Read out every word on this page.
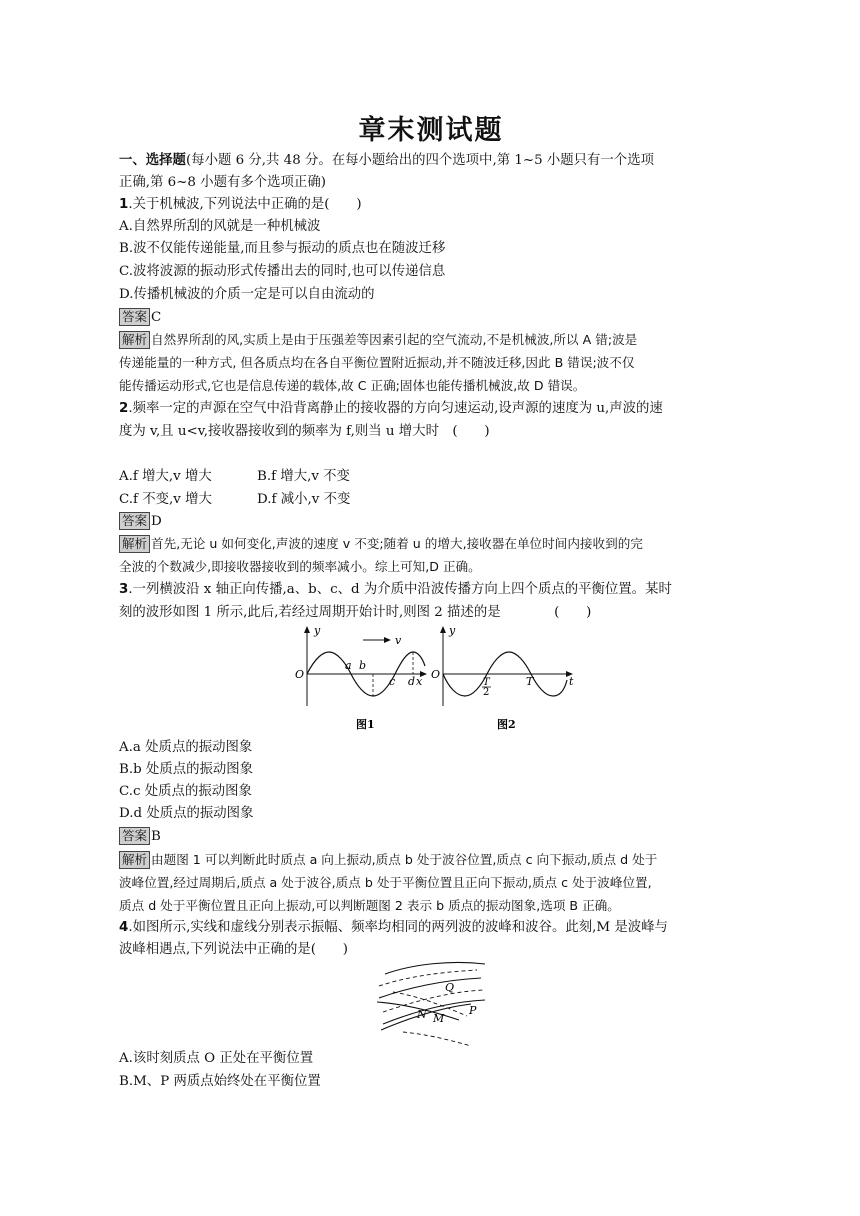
章末测试题
一、选择题(每小题 6 分,共 48 分。在每小题给出的四个选项中,第 1~5 小题只有一个选项
正确,第 6~8 小题有多个选项正确)
1.关于机械波,下列说法中正确的是(　　)
A.自然界所刮的风就是一种机械波
B.波不仅能传递能量,而且参与振动的质点也在随波迁移
C.波将波源的振动形式传播出去的同时,也可以传递信息
D.传播机械波的介质一定是可以自由流动的
答案 C
解析 自然界所刮的风,实质上是由于压强差等因素引起的空气流动,不是机械波,所以 A 错;波是
传递能量的一种方式, 但各质点均在各自平衡位置附近振动,并不随波迁移,因此 B 错误;波不仅
能传播运动形式,它也是信息传递的载体,故 C 正确;固体也能传播机械波,故 D 错误。
2.频率一定的声源在空气中沿背离静止的接收器的方向匀速运动,设声源的速度为 u,声波的速
度为 v,且 u<v,接收器接收到的频率为 f,则当 u 增大时　(　　)
A.f 增大,v 增大	B.f 增大,v 不变
C.f 不变,v 增大	D.f 减小,v 不变
答案 D
解析 首先,无论 u 如何变化,声波的速度 v 不变;随着 u 的增大,接收器在单位时间内接收到的完
全波的个数减少,即接收器接收到的频率减小。综上可知,D 正确。
3.一列横波沿 x 轴正向传播,a、b、c、d 为介质中沿波传播方向上四个质点的平衡位置。某时
刻的波形如图 1 所示,此后,若经过周期开始计时,则图 2 描述的是　　　　(　　)
y
O
v
a b
c d x
图1
y
O
T
2
T	t
图2
A.a 处质点的振动图象
B.b 处质点的振动图象
C.c 处质点的振动图象
D.d 处质点的振动图象
答案 B
解析 由题图 1 可以判断此时质点 a 向上振动,质点 b 处于波谷位置,质点 c 向下振动,质点 d 处于
波峰位置,经过周期后,质点 a 处于波谷,质点 b 处于平衡位置且正向下振动,质点 c 处于波峰位置,
质点 d 处于平衡位置且正向上振动,可以判断题图 2 表示 b 质点的振动图象,选项 B 正确。
4.如图所示,实线和虚线分别表示振幅、频率均相同的两列波的波峰和波谷。此刻,M 是波峰与
波峰相遇点,下列说法中正确的是(　　)
Q
P
N M
A.该时刻质点 O 正处在平衡位置
B.M、P 两质点始终处在平衡位置
